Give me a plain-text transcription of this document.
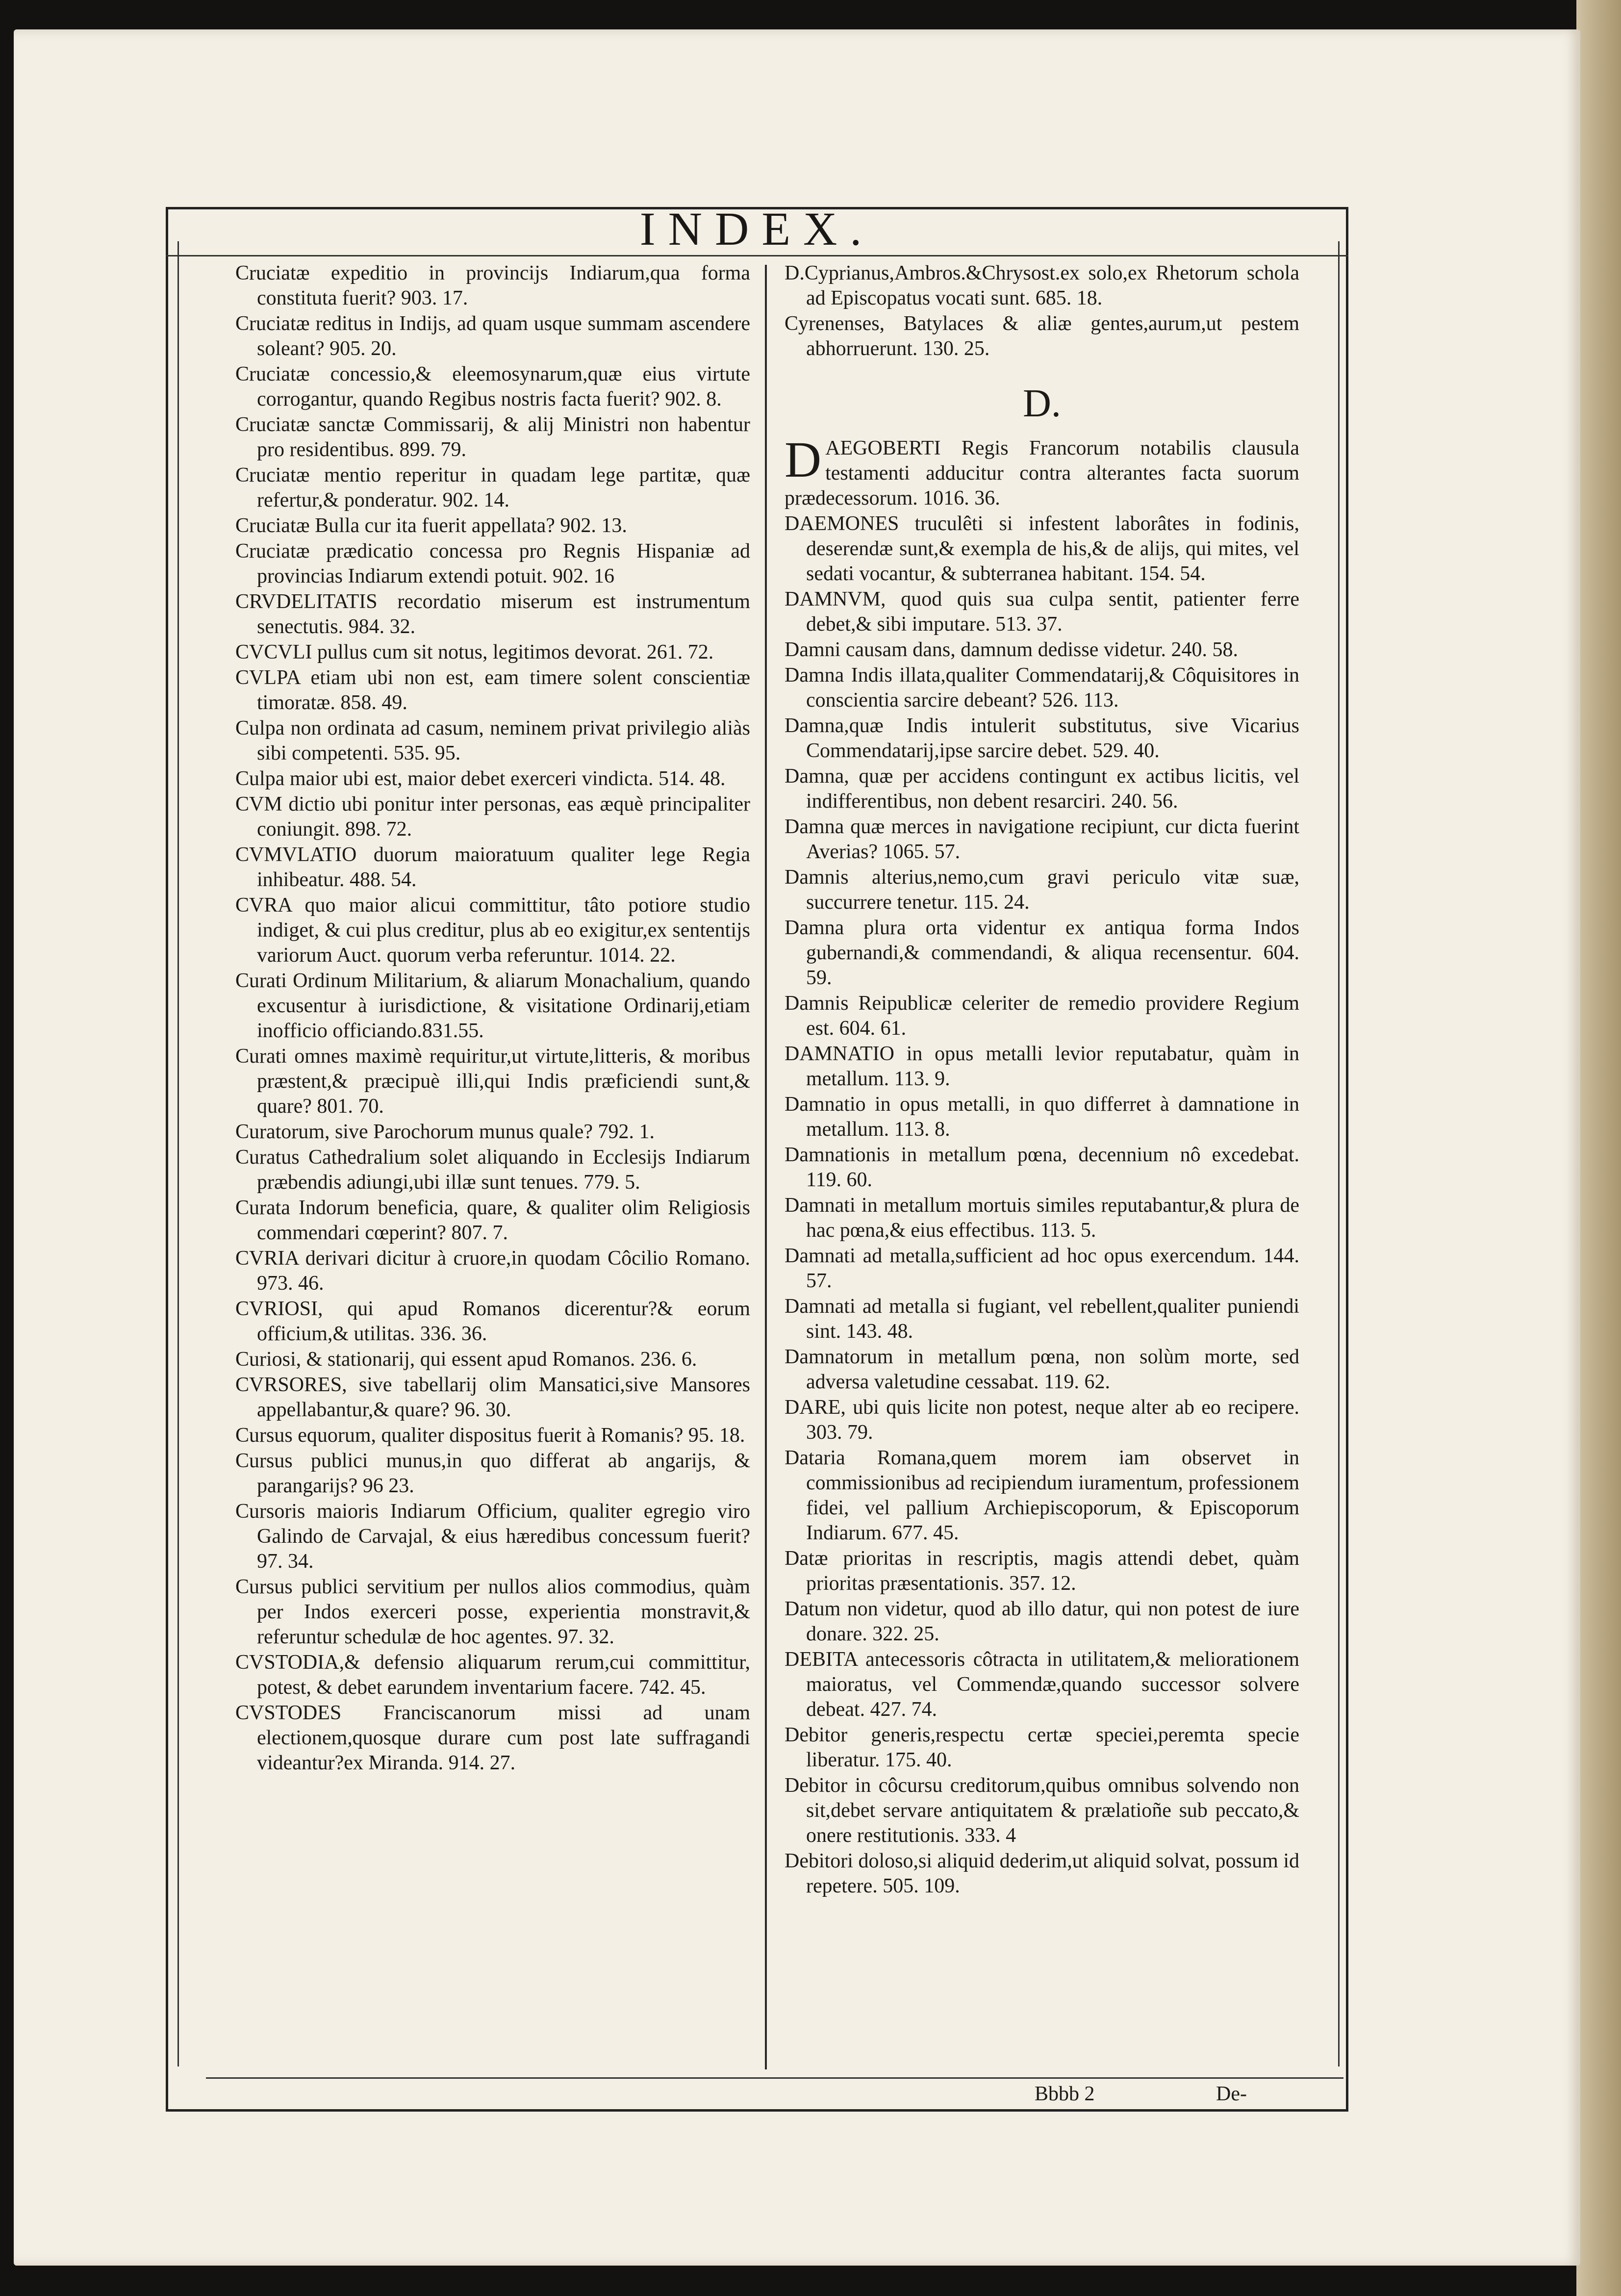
INDEX.

Cruciatæ expeditio in provincijs Indiarum,qua forma constituta fuerit? 903. 17.

Cruciatæ reditus in Indijs, ad quam usque summam ascendere soleant? 905. 20.

Cruciatæ concessio,& eleemosynarum,quæ eius virtute corrogantur, quando Regibus nostris facta fuerit? 902. 8.

Cruciatæ sanctæ Commissarij, & alij Ministri non habentur pro residentibus. 899. 79.

Cruciatæ mentio reperitur in quadam lege partitæ, quæ refertur,& ponderatur. 902. 14.

Cruciatæ Bulla cur ita fuerit appellata? 902. 13.

Cruciatæ prædicatio concessa pro Regnis Hispaniæ ad provincias Indiarum extendi potuit. 902. 16

CRVDELITATIS recordatio miserum est instrumentum senectutis. 984. 32.

CVCVLI pullus cum sit notus, legitimos devorat. 261. 72.

CVLPA etiam ubi non est, eam timere solent conscientiæ timoratæ. 858. 49.

Culpa non ordinata ad casum, neminem privat privilegio aliàs sibi competenti. 535. 95.

Culpa maior ubi est, maior debet exerceri vindicta. 514. 48.

CVM dictio ubi ponitur inter personas, eas æquè principaliter coniungit. 898. 72.

CVMVLATIO duorum maioratuum qualiter lege Regia inhibeatur. 488. 54.

CVRA quo maior alicui committitur, tâto potiore studio indiget, & cui plus creditur, plus ab eo exigitur,ex sententijs variorum Auct. quorum verba referuntur. 1014. 22.

Curati Ordinum Militarium, & aliarum Monachalium, quando excusentur à iurisdictione, & visitatione Ordinarij,etiam inofficio officiando.831.55.

Curati omnes maximè requiritur,ut virtute,litteris, & moribus præstent,& præcipuè illi,qui Indis præficiendi sunt,& quare? 801. 70.

Curatorum, sive Parochorum munus quale? 792. 1.

Curatus Cathedralium solet aliquando in Ecclesijs Indiarum præbendis adiungi,ubi illæ sunt tenues. 779. 5.

Curata Indorum beneficia, quare, & qualiter olim Religiosis commendari cœperint? 807. 7.

CVRIA derivari dicitur à cruore,in quodam Côcilio Romano. 973. 46.

CVRIOSI, qui apud Romanos dicerentur?& eorum officium,& utilitas. 336. 36.

Curiosi, & stationarij, qui essent apud Romanos. 236. 6.

CVRSORES, sive tabellarij olim Mansatici,sive Mansores appellabantur,& quare? 96. 30.

Cursus equorum, qualiter dispositus fuerit à Romanis? 95. 18.

Cursus publici munus,in quo differat ab angarijs, & parangarijs? 96 23.

Cursoris maioris Indiarum Officium, qualiter egregio viro Galindo de Carvajal, & eius hæredibus concessum fuerit? 97. 34.

Cursus publici servitium per nullos alios commodius, quàm per Indos exerceri posse, experientia monstravit,& referuntur schedulæ de hoc agentes. 97. 32.

CVSTODIA,& defensio aliquarum rerum,cui committitur, potest, & debet earundem inventarium facere. 742. 45.

CVSTODES Franciscanorum missi ad unam electionem,quosque durare cum post late suffragandi videantur?ex Miranda. 914. 27.

D.Cyprianus,Ambros.&Chrysost.ex solo,ex Rhetorum schola ad Episcopatus vocati sunt. 685. 18.

Cyrenenses, Batylaces & aliæ gentes,aurum,ut pestem abhorruerunt. 130. 25.

D.

D AEGOBERTI Regis Francorum notabilis clausula testamenti adducitur contra alterantes facta suorum prædecessorum. 1016. 36.

DAEMONES truculêti si infestent laborâtes in fodinis, deserendæ sunt,& exempla de his,& de alijs, qui mites, vel sedati vocantur, & subterranea habitant. 154. 54.

DAMNVM, quod quis sua culpa sentit, patienter ferre debet,& sibi imputare. 513. 37.

Damni causam dans, damnum dedisse videtur. 240. 58.

Damna Indis illata,qualiter Commendatarij,& Côquisitores in conscientia sarcire debeant? 526. 113.

Damna,quæ Indis intulerit substitutus, sive Vicarius Commendatarij,ipse sarcire debet. 529. 40.

Damna, quæ per accidens contingunt ex actibus licitis, vel indifferentibus, non debent resarciri. 240. 56.

Damna quæ merces in navigatione recipiunt, cur dicta fuerint Averias? 1065. 57.

Damnis alterius,nemo,cum gravi periculo vitæ suæ, succurrere tenetur. 115. 24.

Damna plura orta videntur ex antiqua forma Indos gubernandi,& commendandi, & aliqua recensentur. 604. 59.

Damnis Reipublicæ celeriter de remedio providere Regium est. 604. 61.

DAMNATIO in opus metalli levior reputabatur, quàm in metallum. 113. 9.

Damnatio in opus metalli, in quo differret à damnatione in metallum. 113. 8.

Damnationis in metallum pœna, decennium nô excedebat. 119. 60.

Damnati in metallum mortuis similes reputabantur,& plura de hac pœna,& eius effectibus. 113. 5.

Damnati ad metalla,sufficient ad hoc opus exercendum. 144. 57.

Damnati ad metalla si fugiant, vel rebellent,qualiter puniendi sint. 143. 48.

Damnatorum in metallum pœna, non solùm morte, sed adversa valetudine cessabat. 119. 62.

DARE, ubi quis licite non potest, neque alter ab eo recipere. 303. 79.

Dataria Romana,quem morem iam observet in commissionibus ad recipiendum iuramentum, professionem fidei, vel pallium Archiepiscoporum, & Episcoporum Indiarum. 677. 45.

Datæ prioritas in rescriptis, magis attendi debet, quàm prioritas præsentationis. 357. 12.

Datum non videtur, quod ab illo datur, qui non potest de iure donare. 322. 25.

DEBITA antecessoris côtracta in utilitatem,& meliorationem maioratus, vel Commendæ,quando successor solvere debeat. 427. 74.

Debitor generis,respectu certæ speciei,peremta specie liberatur. 175. 40.

Debitor in côcursu creditorum,quibus omnibus solvendo non sit,debet servare antiquitatem & prælatioñe sub peccato,& onere restitutionis. 333. 4

Debitori doloso,si aliquid dederim,ut aliquid solvat, possum id repetere. 505. 109.

Bbbb 2	De-
